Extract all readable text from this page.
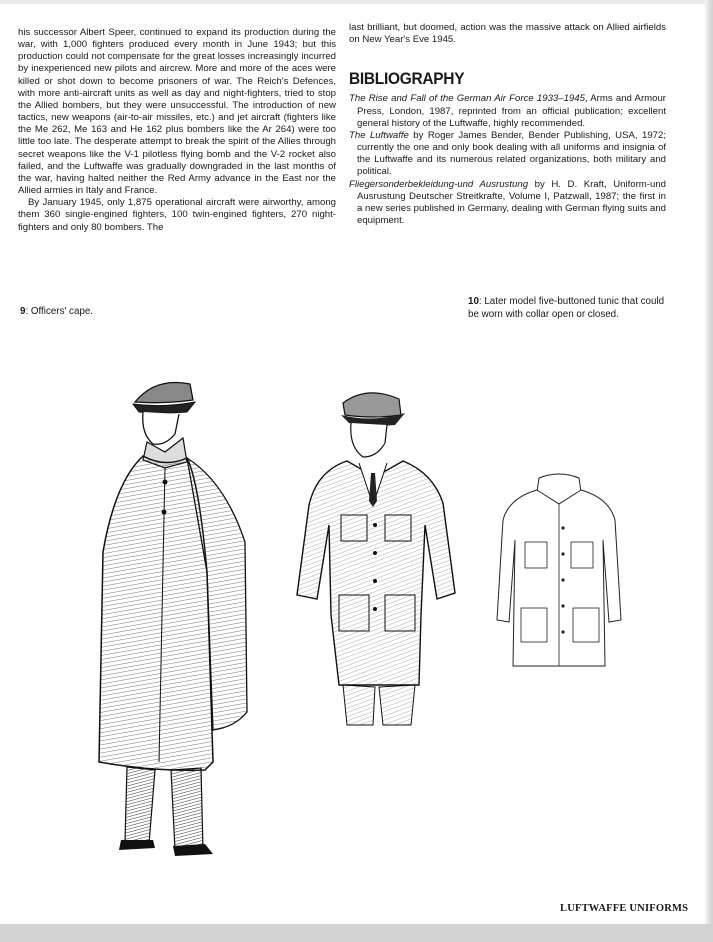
his successor Albert Speer, continued to expand its production during the war, with 1,000 fighters produced every month in June 1943; but this production could not compensate for the great losses increasingly incurred by inexperienced new pilots and aircrew. More and more of the aces were killed or shot down to become prisoners of war. The Reich's Defences, with more anti-aircraft units as well as day and night-fighters, tried to stop the Allied bombers, but they were unsuccessful. The introduction of new tactics, new weapons (air-to-air missiles, etc.) and jet aircraft (fighters like the Me 262, Me 163 and He 162 plus bombers like the Ar 264) were too little too late. The desperate attempt to break the spirit of the Allies through secret weapons like the V-1 pilotless flying bomb and the V-2 rocket also failed, and the Luftwaffe was gradually downgraded in the last months of the war, having halted neither the Red Army advance in the East nor the Allied armies in Italy and France.

By January 1945, only 1,875 operational aircraft were airworthy, among them 360 single-engined fighters, 100 twin-engined fighters, 270 night-fighters and only 80 bombers. The

last brilliant, but doomed, action was the massive attack on Allied airfields on New Year's Eve 1945.

BIBLIOGRAPHY

The Rise and Fall of the German Air Force 1933–1945, Arms and Armour Press, London, 1987, reprinted from an official publication; excellent general history of the Luftwaffe, highly recommended.

The Luftwaffe by Roger James Bender, Bender Publishing, USA, 1972; currently the one and only book dealing with all uniforms and insignia of the Luftwaffe and its numerous related organizations, both military and political.

Fliegersonderbekleidung-und Ausrustung by H. D. Kraft, Uniform-und Ausrustung Deutscher Streitkrafte, Volume I, Patzwall, 1987; the first in a new series published in Germany, dealing with German flying suits and equipment.

9: Officers' cape.
10: Later model five-buttoned tunic that could be worn with collar open or closed.
LUFTWAFFE UNIFORMS
